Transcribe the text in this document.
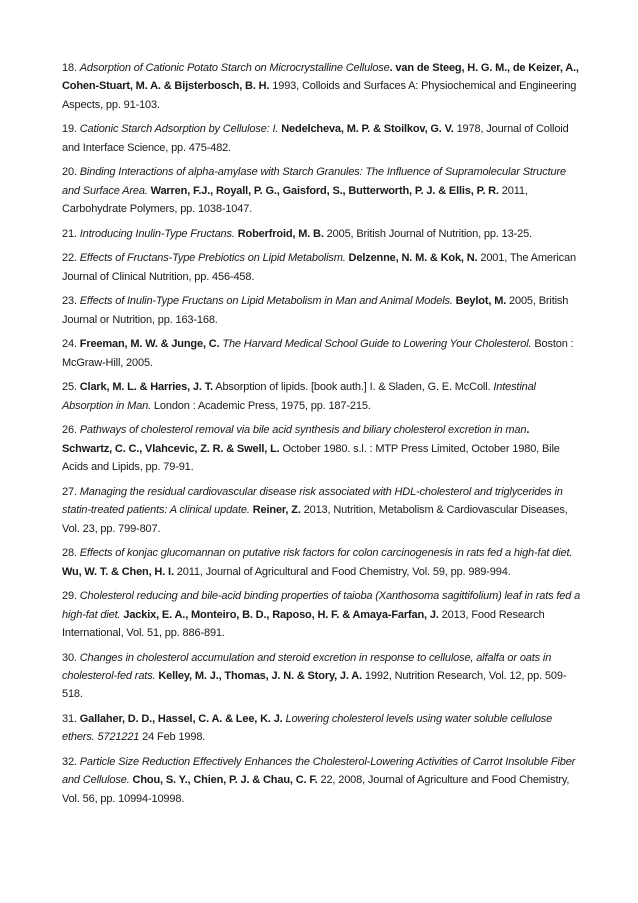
18. Adsorption of Cationic Potato Starch on Microcrystalline Cellulose. van de Steeg, H. G. M., de Keizer, A., Cohen-Stuart, M. A. & Bijsterbosch, B. H. 1993, Colloids and Surfaces A: Physiochemical and Engineering Aspects, pp. 91-103.

19. Cationic Starch Adsorption by Cellulose: I. Nedelcheva, M. P. & Stoilkov, G. V. 1978, Journal of Colloid and Interface Science, pp. 475-482.

20. Binding Interactions of alpha-amylase with Starch Granules: The Influence of Supramolecular Structure and Surface Area. Warren, F.J., Royall, P. G., Gaisford, S., Butterworth, P. J. & Ellis, P. R. 2011, Carbohydrate Polymers, pp. 1038-1047.

21. Introducing Inulin-Type Fructans. Roberfroid, M. B. 2005, British Journal of Nutrition, pp. 13-25.

22. Effects of Fructans-Type Prebiotics on Lipid Metabolism. Delzenne, N. M. & Kok, N. 2001, The American Journal of Clinical Nutrition, pp. 456-458.

23. Effects of Inulin-Type Fructans on Lipid Metabolism in Man and Animal Models. Beylot, M. 2005, British Journal or Nutrition, pp. 163-168.

24. Freeman, M. W. & Junge, C. The Harvard Medical School Guide to Lowering Your Cholesterol. Boston : McGraw-Hill, 2005.

25. Clark, M. L. & Harries, J. T. Absorption of lipids. [book auth.] I. & Sladen, G. E. McColl. Intestinal Absorption in Man. London : Academic Press, 1975, pp. 187-215.

26. Pathways of cholesterol removal via bile acid synthesis and biliary cholesterol excretion in man. Schwartz, C. C., Vlahcevic, Z. R. & Swell, L. October 1980. s.l. : MTP Press Limited, October 1980, Bile Acids and Lipids, pp. 79-91.

27. Managing the residual cardiovascular disease risk associated with HDL-cholesterol and triglycerides in statin-treated patients: A clinical update. Reiner, Z. 2013, Nutrition, Metabolism & Cardiovascular Diseases, Vol. 23, pp. 799-807.

28. Effects of konjac glucomannan on putative risk factors for colon carcinogenesis in rats fed a high-fat diet. Wu, W. T. & Chen, H. I. 2011, Journal of Agricultural and Food Chemistry, Vol. 59, pp. 989-994.

29. Cholesterol reducing and bile-acid binding properties of taioba (Xanthosoma sagittifolium) leaf in rats fed a high-fat diet. Jackix, E. A., Monteiro, B. D., Raposo, H. F. & Amaya-Farfan, J. 2013, Food Research International, Vol. 51, pp. 886-891.

30. Changes in cholesterol accumulation and steroid excretion in response to cellulose, alfalfa or oats in cholesterol-fed rats. Kelley, M. J., Thomas, J. N. & Story, J. A. 1992, Nutrition Research, Vol. 12, pp. 509-518.

31. Gallaher, D. D., Hassel, C. A. & Lee, K. J. Lowering cholesterol levels using water soluble cellulose ethers. 5721221 24 Feb 1998.

32. Particle Size Reduction Effectively Enhances the Cholesterol-Lowering Activities of Carrot Insoluble Fiber and Cellulose. Chou, S. Y., Chien, P. J. & Chau, C. F. 22, 2008, Journal of Agriculture and Food Chemistry, Vol. 56, pp. 10994-10998.
